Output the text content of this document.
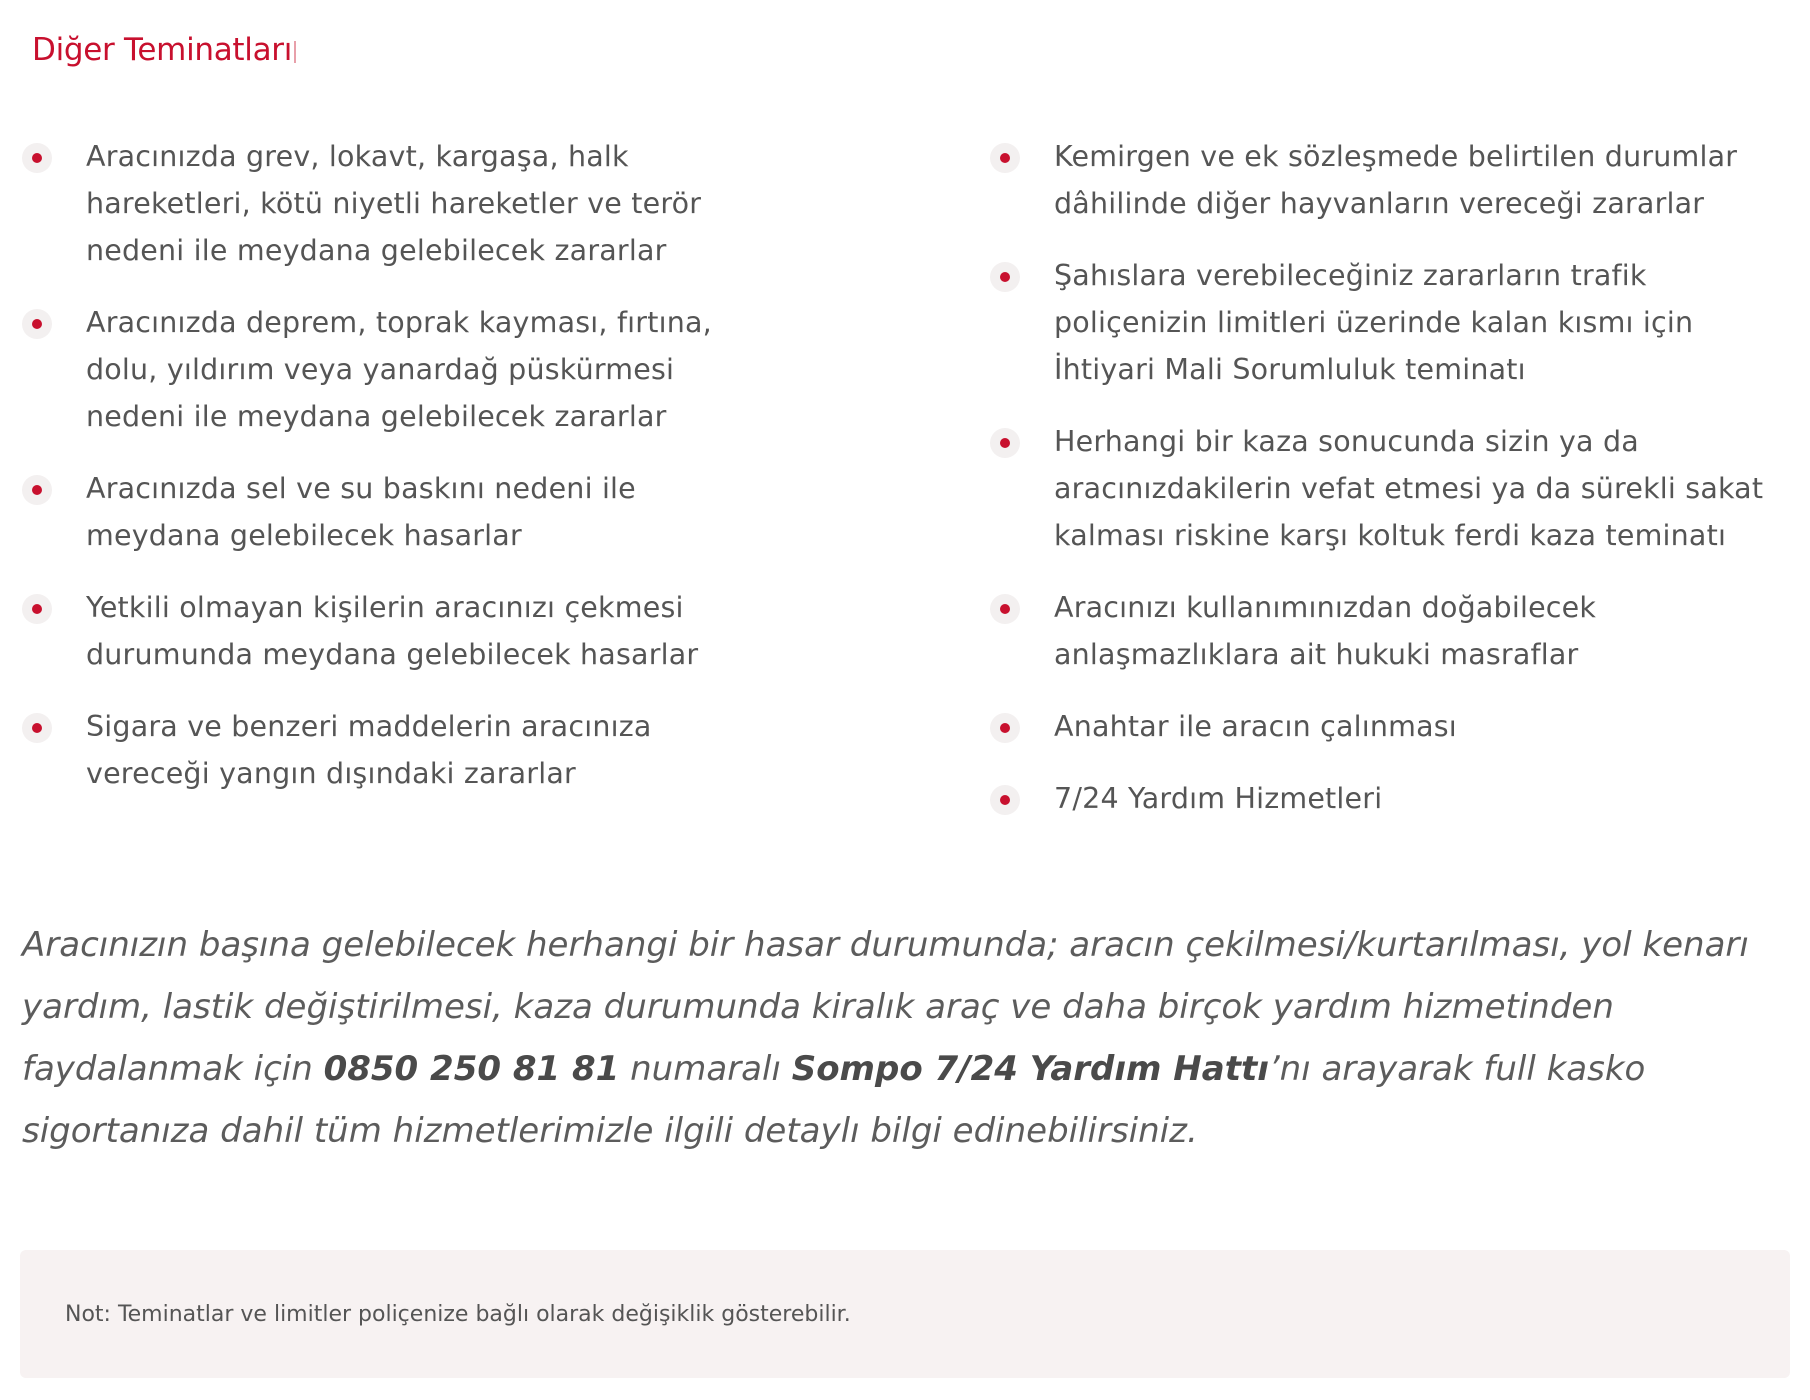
Diğer Teminatları
Aracınızda grev, lokavt, kargaşa, halk hareketleri, kötü niyetli hareketler ve terör nedeni ile meydana gelebilecek zararlar
Aracınızda deprem, toprak kayması, fırtına, dolu, yıldırım veya yanardağ püskürmesi nedeni ile meydana gelebilecek zararlar
Aracınızda sel ve su baskını nedeni ile meydana gelebilecek hasarlar
Yetkili olmayan kişilerin aracınızı çekmesi durumunda meydana gelebilecek hasarlar
Sigara ve benzeri maddelerin aracınıza vereceği yangın dışındaki zararlar
Kemirgen ve ek sözleşmede belirtilen durumlar dâhilinde diğer hayvanların vereceği zararlar
Şahıslara verebileceğiniz zararların trafik poliçenizin limitleri üzerinde kalan kısmı için İhtiyari Mali Sorumluluk teminatı
Herhangi bir kaza sonucunda sizin ya da aracınızdakilerin vefat etmesi ya da sürekli sakat kalması riskine karşı koltuk ferdi kaza teminatı
Aracınızı kullanımınızdan doğabilecek anlaşmazlıklara ait hukuki masraflar
Anahtar ile aracın çalınması
7/24 Yardım Hizmetleri

Aracınızın başına gelebilecek herhangi bir hasar durumunda; aracın çekilmesi/kurtarılması, yol kenarı yardım, lastik değiştirilmesi, kaza durumunda kiralık araç ve daha birçok yardım hizmetinden faydalanmak için 0850 250 81 81 numaralı Sompo 7/24 Yardım Hattı’nı arayarak full kasko sigortanıza dahil tüm hizmetlerimizle ilgili detaylı bilgi edinebilirsiniz.

Not: Teminatlar ve limitler poliçenize bağlı olarak değişiklik gösterebilir.
